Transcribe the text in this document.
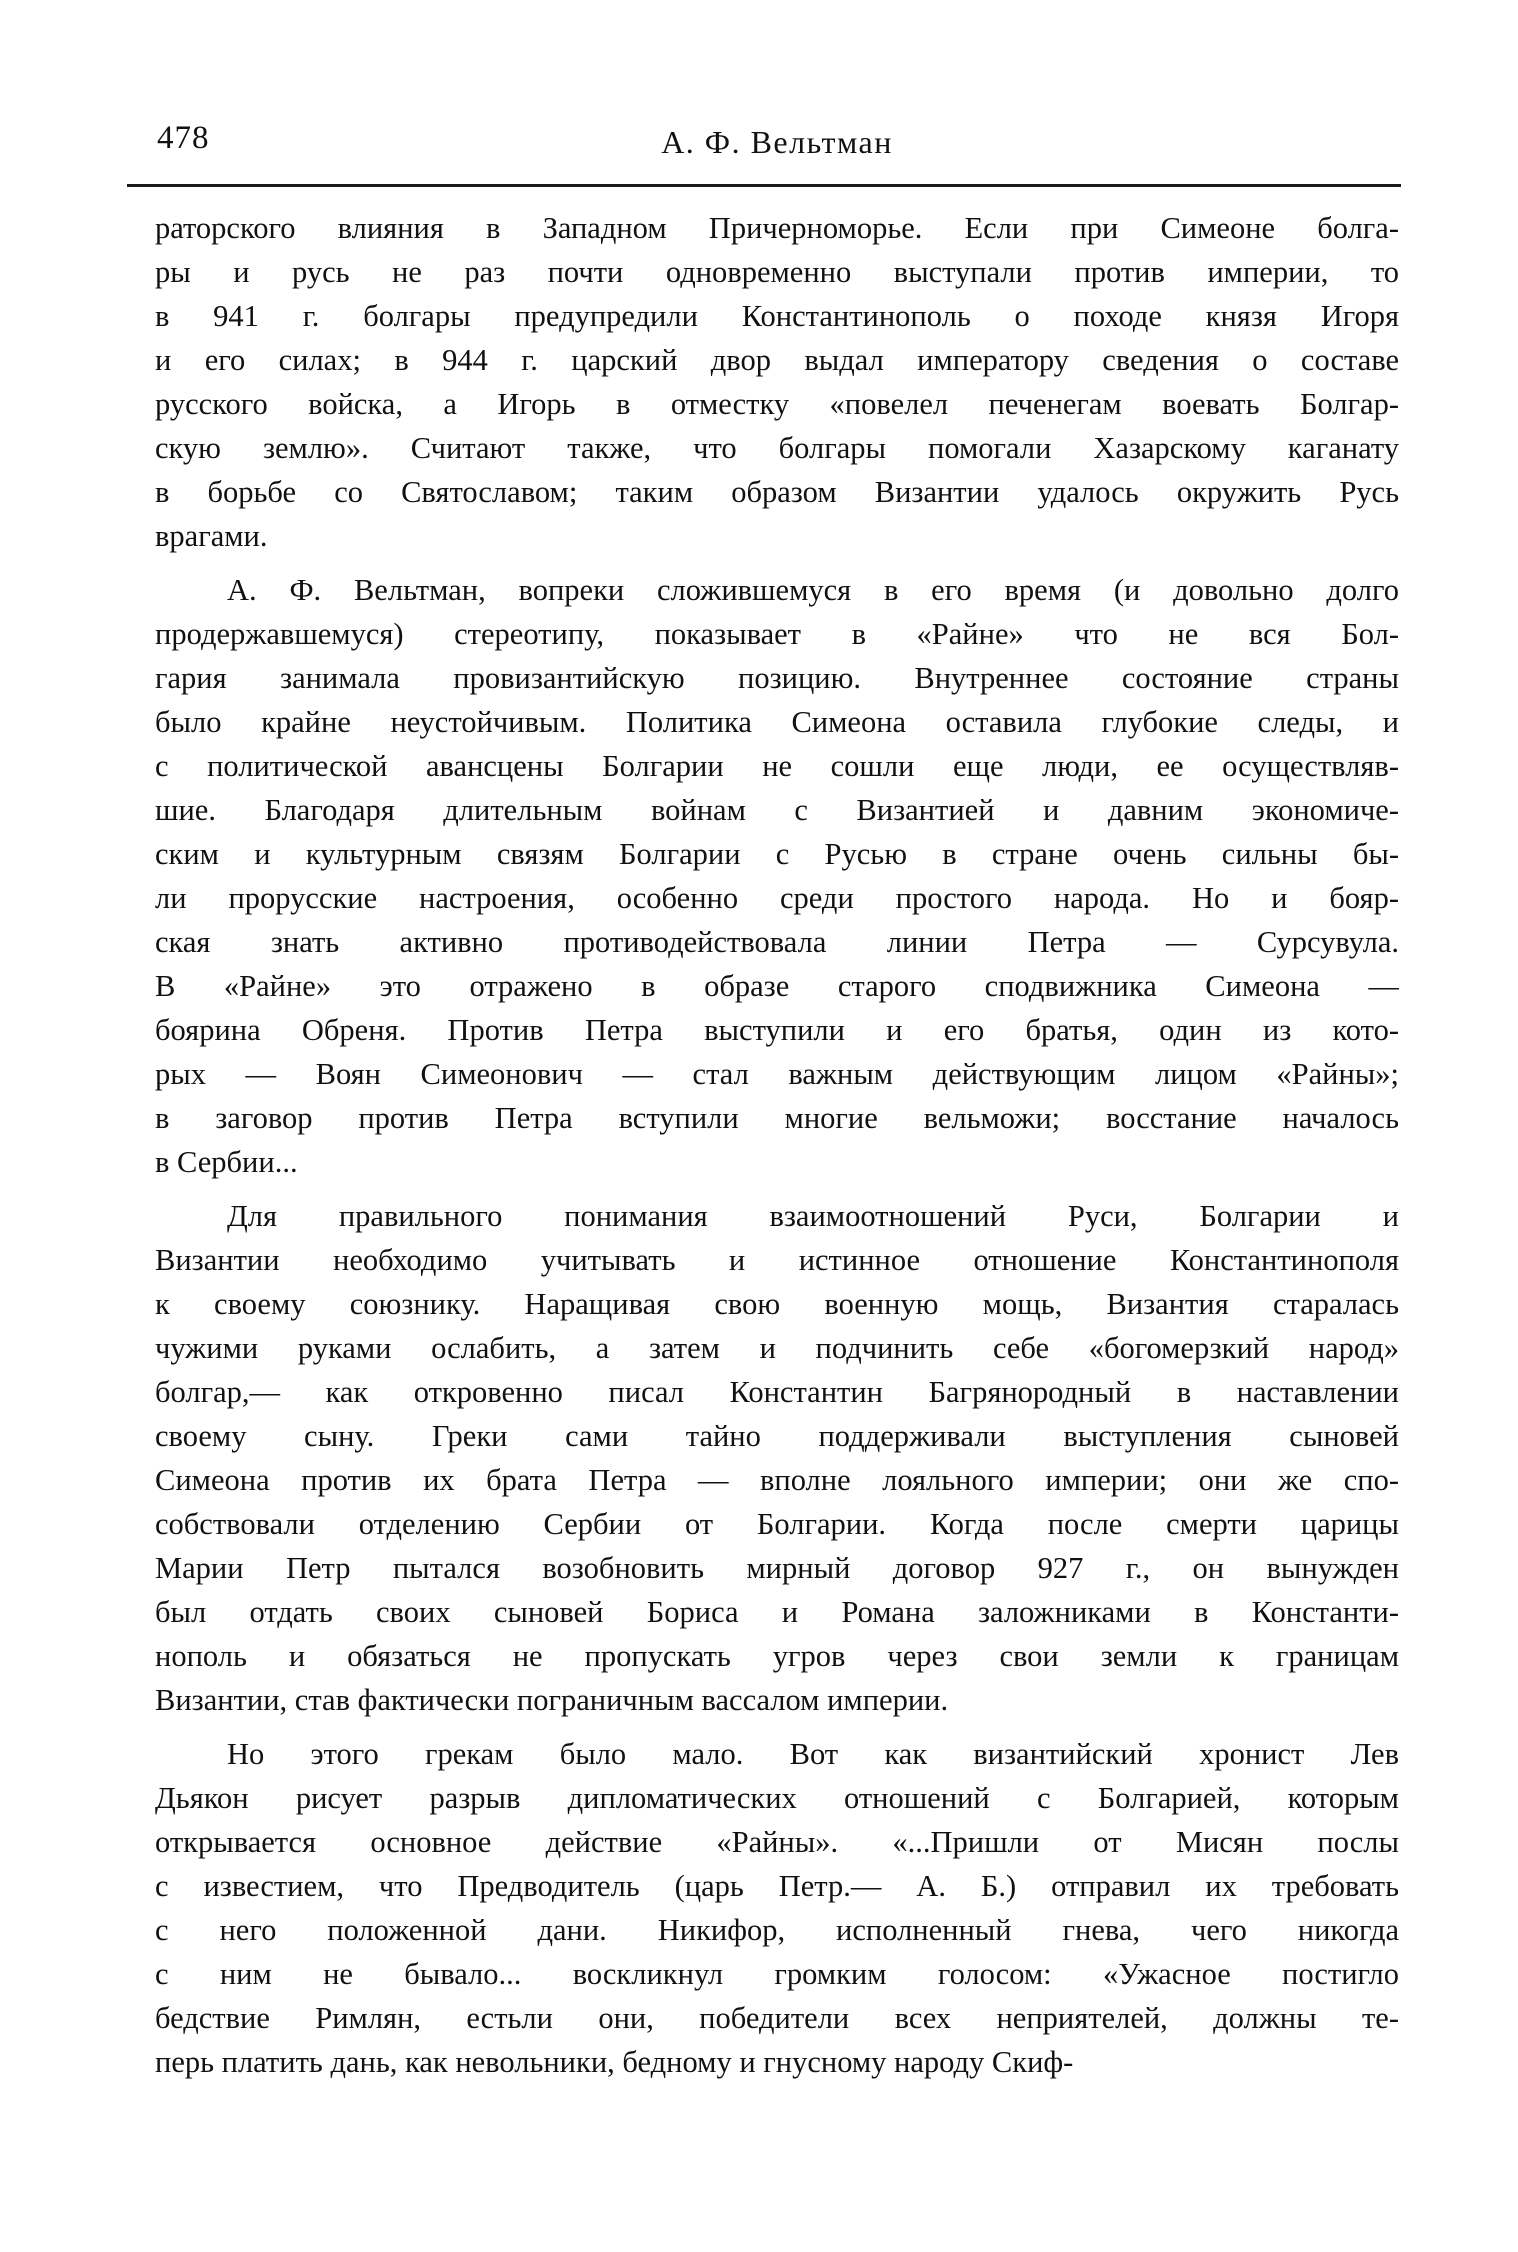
478	А. Ф. Вельтман
раторского влияния в Западном Причерноморье. Если при Симеоне болга-
ры и русь не раз почти одновременно выступали против империи, то
в 941 г. болгары предупредили Константинополь о походе князя Игоря
и его силах; в 944 г. царский двор выдал императору сведения о составе
русского войска, а Игорь в отместку «повелел печенегам воевать Болгар-
скую землю». Считают также, что болгары помогали Хазарскому каганату
в борьбе со Святославом; таким образом Византии удалось окружить Русь
врагами.
А. Ф. Вельтман, вопреки сложившемуся в его время (и довольно долго
продержавшемуся) стереотипу, показывает в «Райне» что не вся Бол-
гария занимала провизантийскую позицию. Внутреннее состояние страны
было крайне неустойчивым. Политика Симеона оставила глубокие следы, и
с политической авансцены Болгарии не сошли еще люди, ее осуществляв-
шие. Благодаря длительным войнам с Византией и давним экономиче-
ским и культурным связям Болгарии с Русью в стране очень сильны бы-
ли прорусские настроения, особенно среди простого народа. Но и бояр-
ская знать активно противодействовала линии Петра — Сурсувула.
В «Райне» это отражено в образе старого сподвижника Симеона —
боярина Обреня. Против Петра выступили и его братья, один из кото-
рых — Воян Симеонович — стал важным действующим лицом «Райны»;
в заговор против Петра вступили многие вельможи; восстание началось
в Сербии...
Для правильного понимания взаимоотношений Руси, Болгарии и
Византии необходимо учитывать и истинное отношение Константинополя
к своему союзнику. Наращивая свою военную мощь, Византия старалась
чужими руками ослабить, а затем и подчинить себе «богомерзкий народ»
болгар,— как откровенно писал Константин Багрянородный в наставлении
своему сыну. Греки сами тайно поддерживали выступления сыновей
Симеона против их брата Петра — вполне лояльного империи; они же спо-
собствовали отделению Сербии от Болгарии. Когда после смерти царицы
Марии Петр пытался возобновить мирный договор 927 г., он вынужден
был отдать своих сыновей Бориса и Романа заложниками в Константи-
нополь и обязаться не пропускать угров через свои земли к границам
Византии, став фактически пограничным вассалом империи.
Но этого грекам было мало. Вот как византийский хронист Лев
Дьякон рисует разрыв дипломатических отношений с Болгарией, которым
открывается основное действие «Райны». «...Пришли от Мисян послы
с известием, что Предводитель (царь Петр.— А. Б.) отправил их требовать
с него положенной дани. Никифор, исполненный гнева, чего никогда
с ним не бывало... воскликнул громким голосом: «Ужасное постигло
бедствие Римлян, естьли они, победители всех неприятелей, должны те-
перь платить дань, как невольники, бедному и гнусному народу Скиф-
